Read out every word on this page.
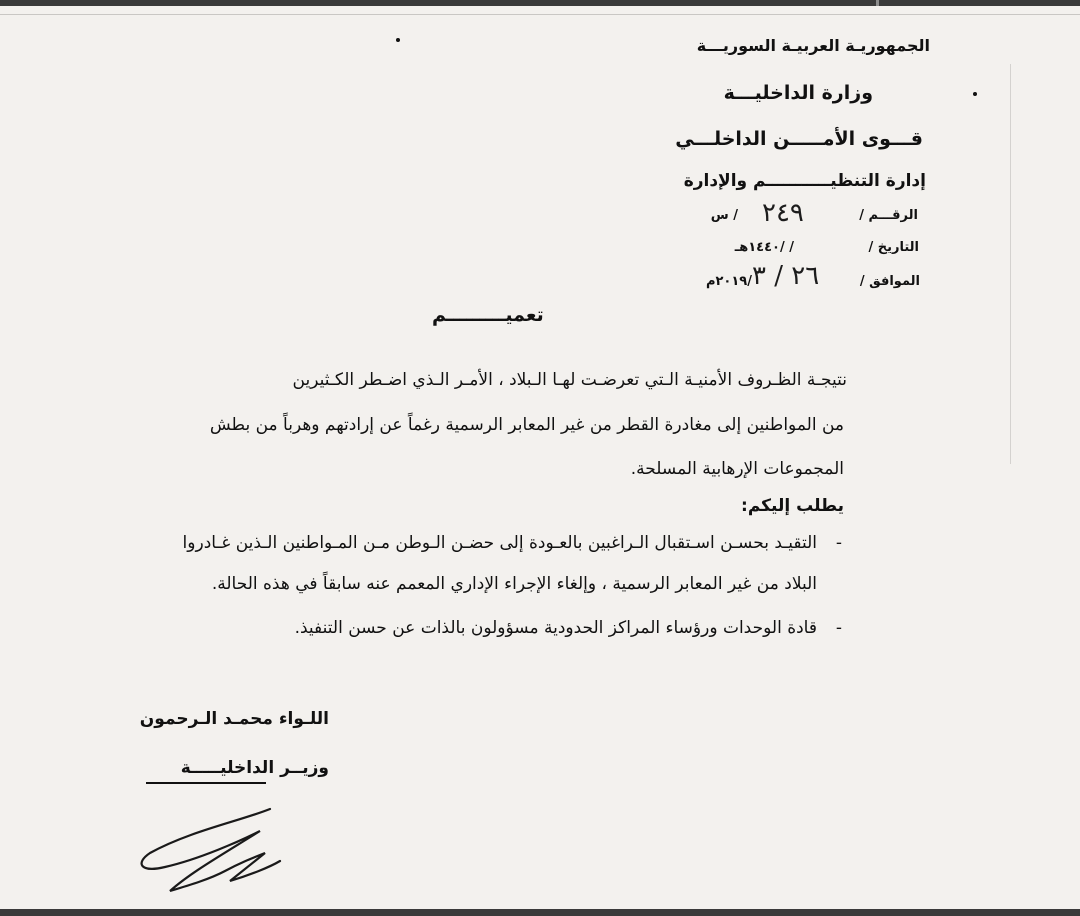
الجمهوريـة العربيـة السوريـــة
وزارة الداخليـــة
قـــوى الأمـــــن الداخلـــي
إدارة التنظيـــــــــــم والإدارة
الرقـــم /
٢٤٩
/ س
التاريخ /
/ /١٤٤٠هـ
الموافق /
٢٦ / ٣
/٢٠١٩م
تعميـــــــــم
نتيجـة الظـروف الأمنيـة الـتي تعرضـت لهـا الـبلاد ، الأمـر الـذي اضـطر الكـثيرين
من المواطنين إلى مغادرة القطر من غير المعابر الرسمية رغماً عن إرادتهم وهرباً من بطش
المجموعات الإرهابية المسلحة.
يطلب إليكم:
-
التقيـد بحسـن اسـتقبال الـراغبين بالعـودة إلى حضـن الـوطن مـن المـواطنين الـذين غـادروا
البلاد من غير المعابر الرسمية ، وإلغاء الإجراء الإداري المعمم عنه سابقاً في هذه الحالة.
-
قادة الوحدات ورؤساء المراكز الحدودية مسؤولون بالذات عن حسن التنفيذ.
اللـواء محمـد الـرحمون
وزيــر الداخليـــــة
